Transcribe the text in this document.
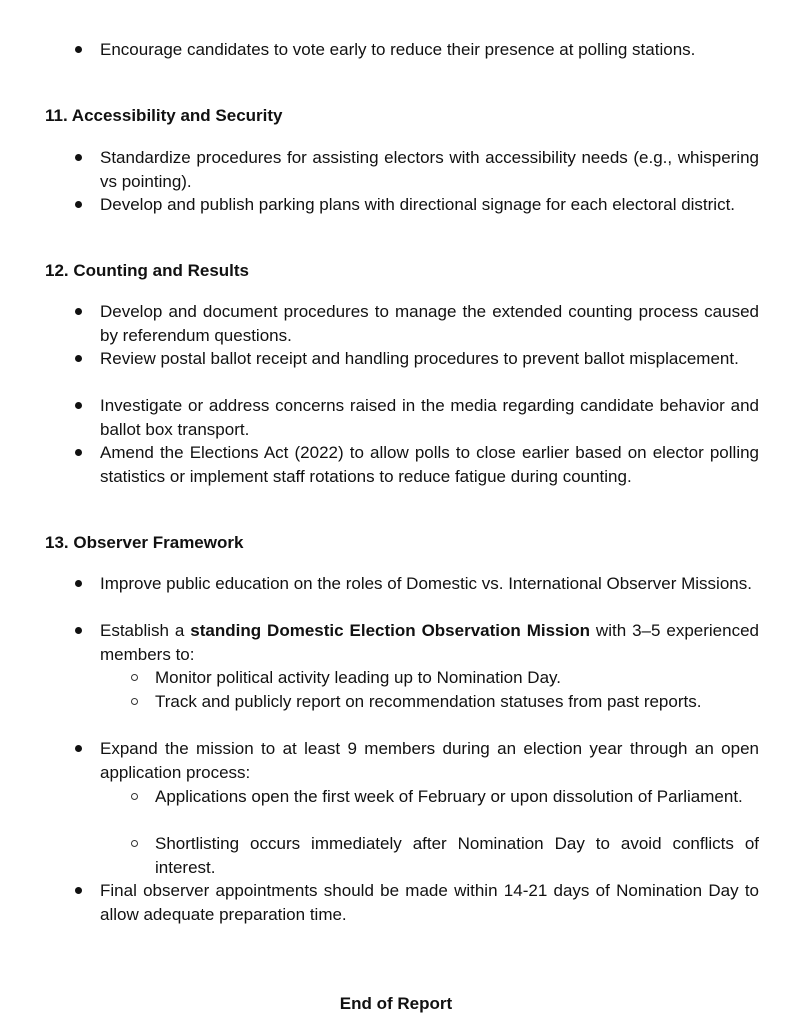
Encourage candidates to vote early to reduce their presence at polling stations.
11. Accessibility and Security
Standardize procedures for assisting electors with accessibility needs (e.g., whispering vs pointing).
Develop and publish parking plans with directional signage for each electoral district.
12. Counting and Results
Develop and document procedures to manage the extended counting process caused by referendum questions.
Review postal ballot receipt and handling procedures to prevent ballot misplacement.
Investigate or address concerns raised in the media regarding candidate behavior and ballot box transport.
Amend the Elections Act (2022) to allow polls to close earlier based on elector polling statistics or implement staff rotations to reduce fatigue during counting.
13. Observer Framework
Improve public education on the roles of Domestic vs. International Observer Missions.
Establish a standing Domestic Election Observation Mission with 3–5 experienced members to:
Monitor political activity leading up to Nomination Day.
Track and publicly report on recommendation statuses from past reports.
Expand the mission to at least 9 members during an election year through an open application process:
Applications open the first week of February or upon dissolution of Parliament.
Shortlisting occurs immediately after Nomination Day to avoid conflicts of interest.
Final observer appointments should be made within 14-21 days of Nomination Day to allow adequate preparation time.
End of Report
